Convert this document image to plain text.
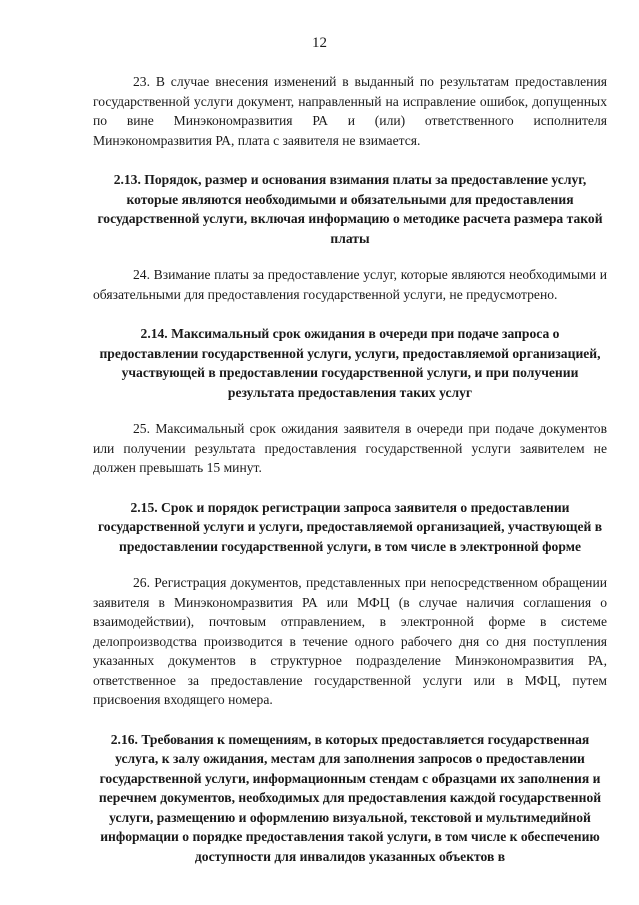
12

23. В случае внесения изменений в выданный по результатам предоставления государственной услуги документ, направленный на исправление ошибок, допущенных по вине Минэкономразвития РА и (или) ответственного исполнителя Минэкономразвития РА, плата с заявителя не взимается.

2.13. Порядок, размер и основания взимания платы за предоставление услуг, которые являются необходимыми и обязательными для предоставления государственной услуги, включая информацию о методике расчета размера такой платы

24. Взимание платы за предоставление услуг, которые являются необходимыми и обязательными для предоставления государственной услуги, не предусмотрено.

2.14. Максимальный срок ожидания в очереди при подаче запроса о предоставлении государственной услуги, услуги, предоставляемой организацией, участвующей в предоставлении государственной услуги, и при получении результата предоставления таких услуг

25. Максимальный срок ожидания заявителя в очереди при подаче документов или получении результата предоставления государственной услуги заявителем не должен превышать 15 минут.

2.15. Срок и порядок регистрации запроса заявителя о предоставлении государственной услуги и услуги, предоставляемой организацией, участвующей в предоставлении государственной услуги, в том числе в электронной форме

26. Регистрация документов, представленных при непосредственном обращении заявителя в Минэкономразвития РА или МФЦ (в случае наличия соглашения о взаимодействии), почтовым отправлением, в электронной форме в системе делопроизводства производится в течение одного рабочего дня со дня поступления указанных документов в структурное подразделение Минэкономразвития РА, ответственное за предоставление государственной услуги или в МФЦ, путем присвоения входящего номера.

2.16. Требования к помещениям, в которых предоставляется государственная услуга, к залу ожидания, местам для заполнения запросов о предоставлении государственной услуги, информационным стендам с образцами их заполнения и перечнем документов, необходимых для предоставления каждой государственной услуги, размещению и оформлению визуальной, текстовой и мультимедийной информации о порядке предоставления такой услуги, в том числе к обеспечению доступности для инвалидов указанных объектов в
